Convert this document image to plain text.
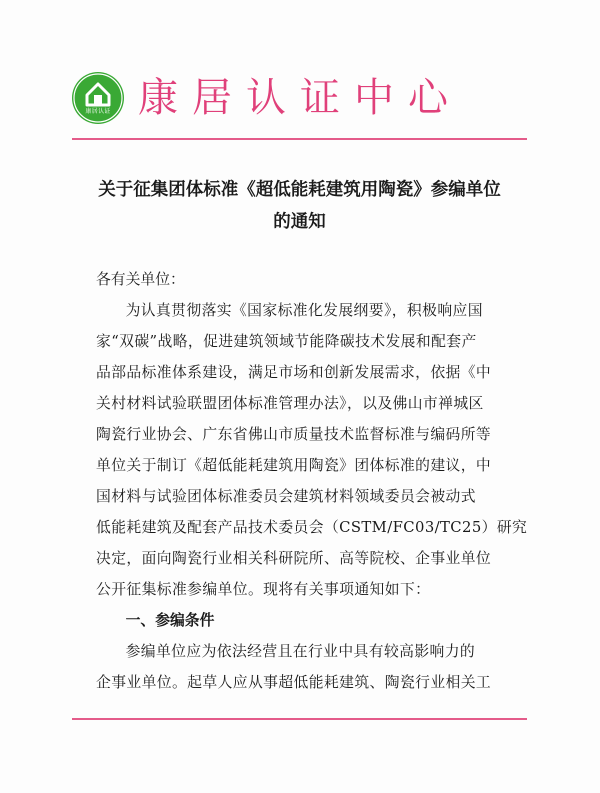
康居认证 康居认证中心
关于征集团体标准《超低能耗建筑用陶瓷》参编单位
的通知

各有关单位：

为认真贯彻落实《国家标准化发展纲要》，积极响应国
家“双碳”战略，促进建筑领域节能降碳技术发展和配套产
品部品标准体系建设，满足市场和创新发展需求，依据《中
关村材料试验联盟团体标准管理办法》，以及佛山市禅城区
陶瓷行业协会、广东省佛山市质量技术监督标准与编码所等
单位关于制订《超低能耗建筑用陶瓷》团体标准的建议，中
国材料与试验团体标准委员会建筑材料领域委员会被动式
低能耗建筑及配套产品技术委员会（CSTM/FC03/TC25）研究
决定，面向陶瓷行业相关科研院所、高等院校、企事业单位
公开征集标准参编单位。现将有关事项通知如下：

一、参编条件

参编单位应为依法经营且在行业中具有较高影响力的
企事业单位。起草人应从事超低能耗建筑、陶瓷行业相关工
